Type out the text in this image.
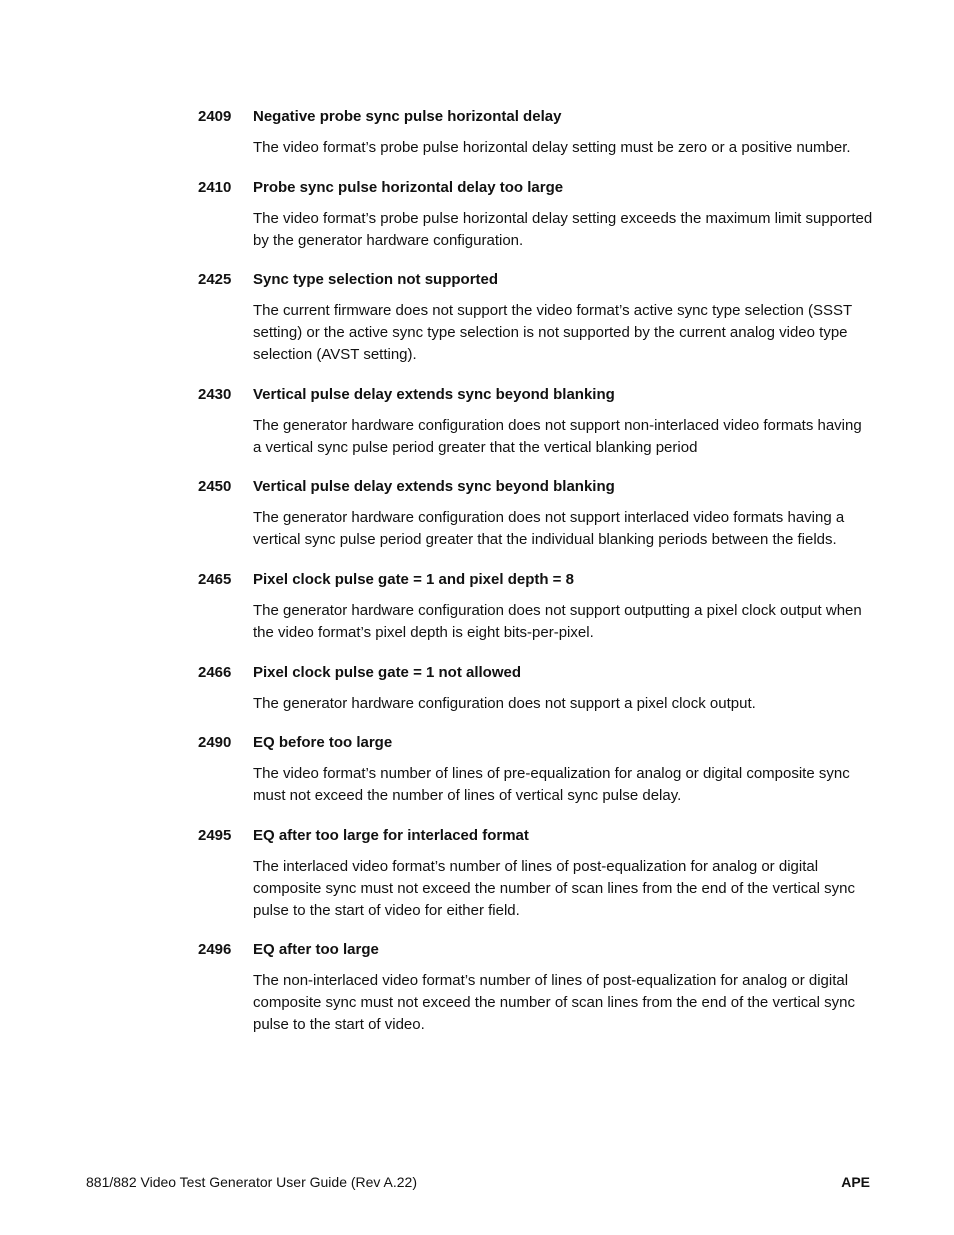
2409 Negative probe sync pulse horizontal delay
The video format’s probe pulse horizontal delay setting must be zero or a positive number.
2410 Probe sync pulse horizontal delay too large
The video format’s probe pulse horizontal delay setting exceeds the maximum limit supported by the generator hardware configuration.
2425 Sync type selection not supported
The current firmware does not support the video format’s active sync type selection (SSST setting) or the active sync type selection is not supported by the current analog video type selection (AVST setting).
2430 Vertical pulse delay extends sync beyond blanking
The generator hardware configuration does not support non-interlaced video formats having a vertical sync pulse period greater that the vertical blanking period
2450 Vertical pulse delay extends sync beyond blanking
The generator hardware configuration does not support interlaced video formats having a vertical sync pulse period greater that the individual blanking periods between the fields.
2465 Pixel clock pulse gate = 1 and pixel depth = 8
The generator hardware configuration does not support outputting a pixel clock output when the video format’s pixel depth is eight bits-per-pixel.
2466 Pixel clock pulse gate = 1 not allowed
The generator hardware configuration does not support a pixel clock output.
2490 EQ before too large
The video format’s number of lines of pre-equalization for analog or digital composite sync must not exceed the number of lines of vertical sync pulse delay.
2495 EQ after too large for interlaced format
The interlaced video format’s number of lines of post-equalization for analog or digital composite sync must not exceed the number of scan lines from the end of the vertical sync pulse to the start of video for either field.
2496 EQ after too large
The non-interlaced video format’s number of lines of post-equalization for analog or digital composite sync must not exceed the number of scan lines from the end of the vertical sync pulse to the start of video.
881/882 Video Test Generator User Guide (Rev A.22)	APE
